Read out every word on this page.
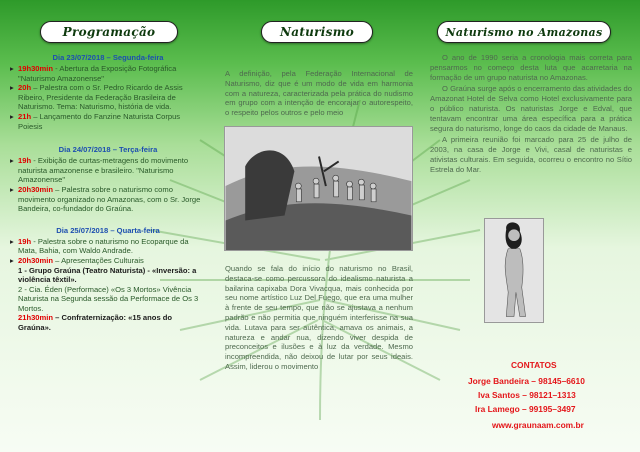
Programação
Dia 23/07/2018 – Segunda-feira
▸ 19h30min - Abertura da Exposição Fotográfica "Naturismo Amazonense"
▸ 20h – Palestra com o Sr. Pedro Ricardo de Assis Ribeiro, Presidente da Federação Brasileira de Naturismo. Tema: Naturismo, história de vida.
▸ 21h – Lançamento do Fanzine Naturista Corpus Poiesis
Dia 24/07/2018 – Terça-feira
▸ 19h - Exibição de curtas-metragens do movimento naturista amazonense e brasileiro. "Naturismo Amazonense"
▸ 20h30min – Palestra sobre o naturismo como movimento organizado no Amazonas, com o Sr. Jorge Bandeira, co-fundador do Graúna.
Dia 25/07/2018 – Quarta-feira
▸ 19h - Palestra sobre o naturismo no Ecoparque da Mata, Bahia, com Waldo Andrade.
▸ 20h30min – Apresentações Culturais
1 - Grupo Graúna (Teatro Naturista) - «Inversão: a violência têxtil».
2 - Cia. Éden (Performace) «Os 3 Mortos» Vivência Naturista na Segunda sessão da Performace de Os 3 Mortos.
21h30min – Confraternização: «15 anos do Graúna».
Naturismo

A definição, pela Federação Internacional de Naturismo, diz que é um modo de vida em harmonia com a natureza, caracterizada pela prática do nudismo em grupo com a intenção de encorajar o autorespeito, o respeito pelos outros e pelo meio

Quando se fala do início do naturismo no Brasil, destaca-se como percussora do idealismo naturista a bailarina capixaba Dora Vivacqua, mais conhecida por seu nome artístico Luz Del Fuego, que era uma mulher à frente de seu tempo, que não se ajustava a nenhum padrão e não permitia que ninguém interferisse na sua vida. Lutava para ser autêntica, amava os animais, a natureza e andar nua, dizendo viver despida de preconceitos e ilusões e à luz da verdade. Mesmo incompreendida, não deixou de lutar por seus ideais. Assim, liderou o movimento

Naturismo no Amazonas

O ano de 1990 seria a cronologia mais correta para pensarmos no começo desta luta que acarretaria na formação de um grupo naturista no Amazonas.

O Graúna surge após o encerramento das atividades do Amazonat Hotel de Selva como Hotel exclusivamente para o público naturista. Os naturistas Jorge e Edval, que tentavam encontrar uma área específica para a prática segura do naturismo, longe do caos da cidade de Manaus.

A primeira reunião foi marcado para 25 de julho de 2003, na casa de Jorge e Vivi, casal de naturistas e ativistas culturais. Em seguida, ocorreu o encontro no Sítio Estrela do Mar.

CONTATOS
Jorge Bandeira – 98145–6610
Iva Santos – 98121–1313
Ira Lamego – 99195–3497
www.graunaam.com.br
